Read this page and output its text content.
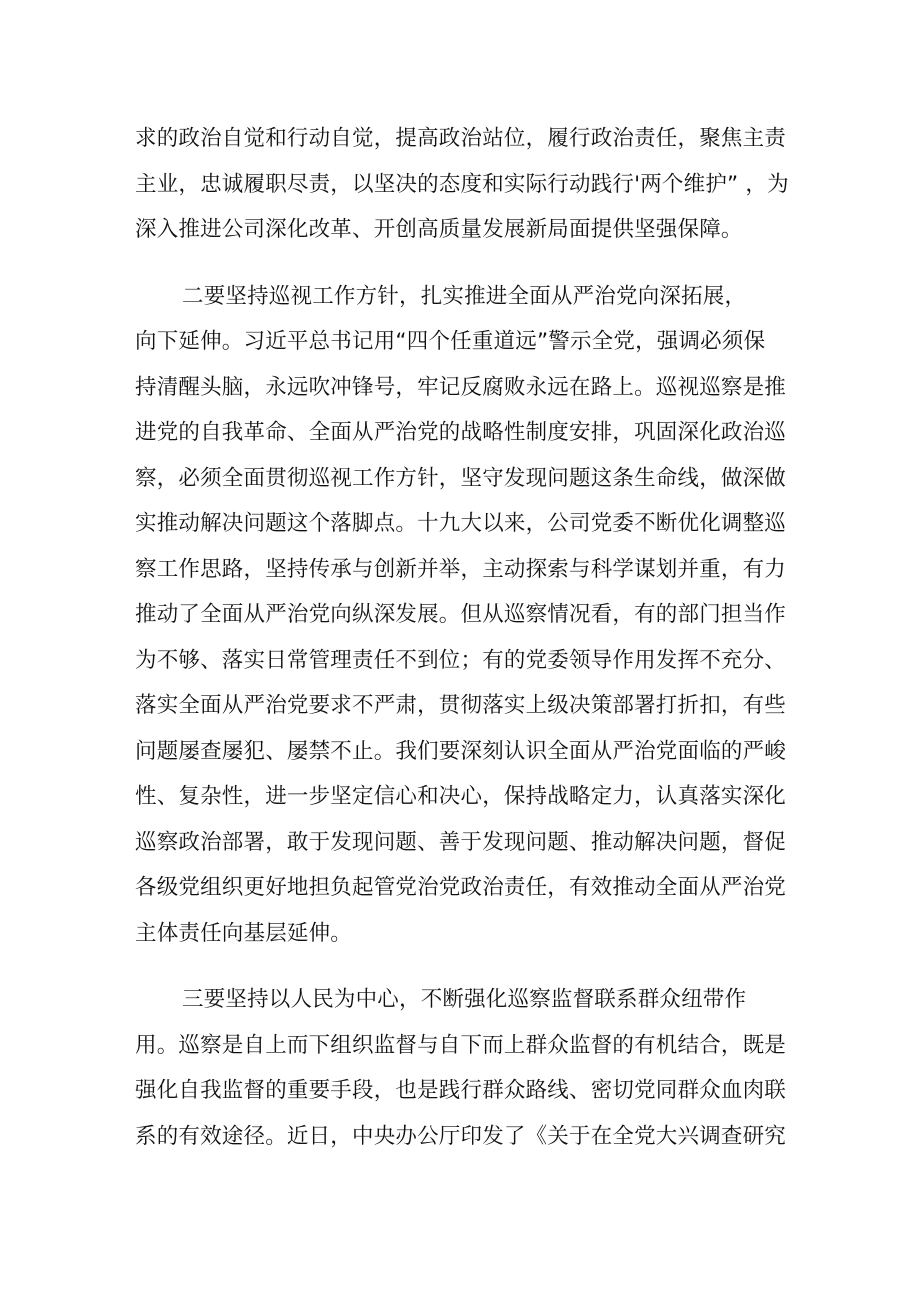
求的政治自觉和行动自觉，提高政治站位，履行政治责任，聚焦主责
主业，忠诚履职尽责，以坚决的态度和实际行动践行'两个维护” ，为
深入推进公司深化改革、开创高质量发展新局面提供坚强保障。
二要坚持巡视工作方针，扎实推进全面从严治党向深拓展，
向下延伸。习近平总书记用“四个任重道远”警示全党，强调必须保
持清醒头脑，永远吹冲锋号，牢记反腐败永远在路上。巡视巡察是推
进党的自我革命、全面从严治党的战略性制度安排，巩固深化政治巡
察，必须全面贯彻巡视工作方针，坚守发现问题这条生命线，做深做
实推动解决问题这个落脚点。十九大以来，公司党委不断优化调整巡
察工作思路，坚持传承与创新并举，主动探索与科学谋划并重，有力
推动了全面从严治党向纵深发展。但从巡察情况看，有的部门担当作
为不够、落实日常管理责任不到位；有的党委领导作用发挥不充分、
落实全面从严治党要求不严肃，贯彻落实上级决策部署打折扣，有些
问题屡查屡犯、屡禁不止。我们要深刻认识全面从严治党面临的严峻
性、复杂性，进一步坚定信心和决心，保持战略定力，认真落实深化
巡察政治部署，敢于发现问题、善于发现问题、推动解决问题，督促
各级党组织更好地担负起管党治党政治责任，有效推动全面从严治党
主体责任向基层延伸。
三要坚持以人民为中心，不断强化巡察监督联系群众纽带作
用。巡察是自上而下组织监督与自下而上群众监督的有机结合，既是
强化自我监督的重要手段，也是践行群众路线、密切党同群众血肉联
系的有效途径。近日，中央办公厅印发了《关于在全党大兴调查研究
